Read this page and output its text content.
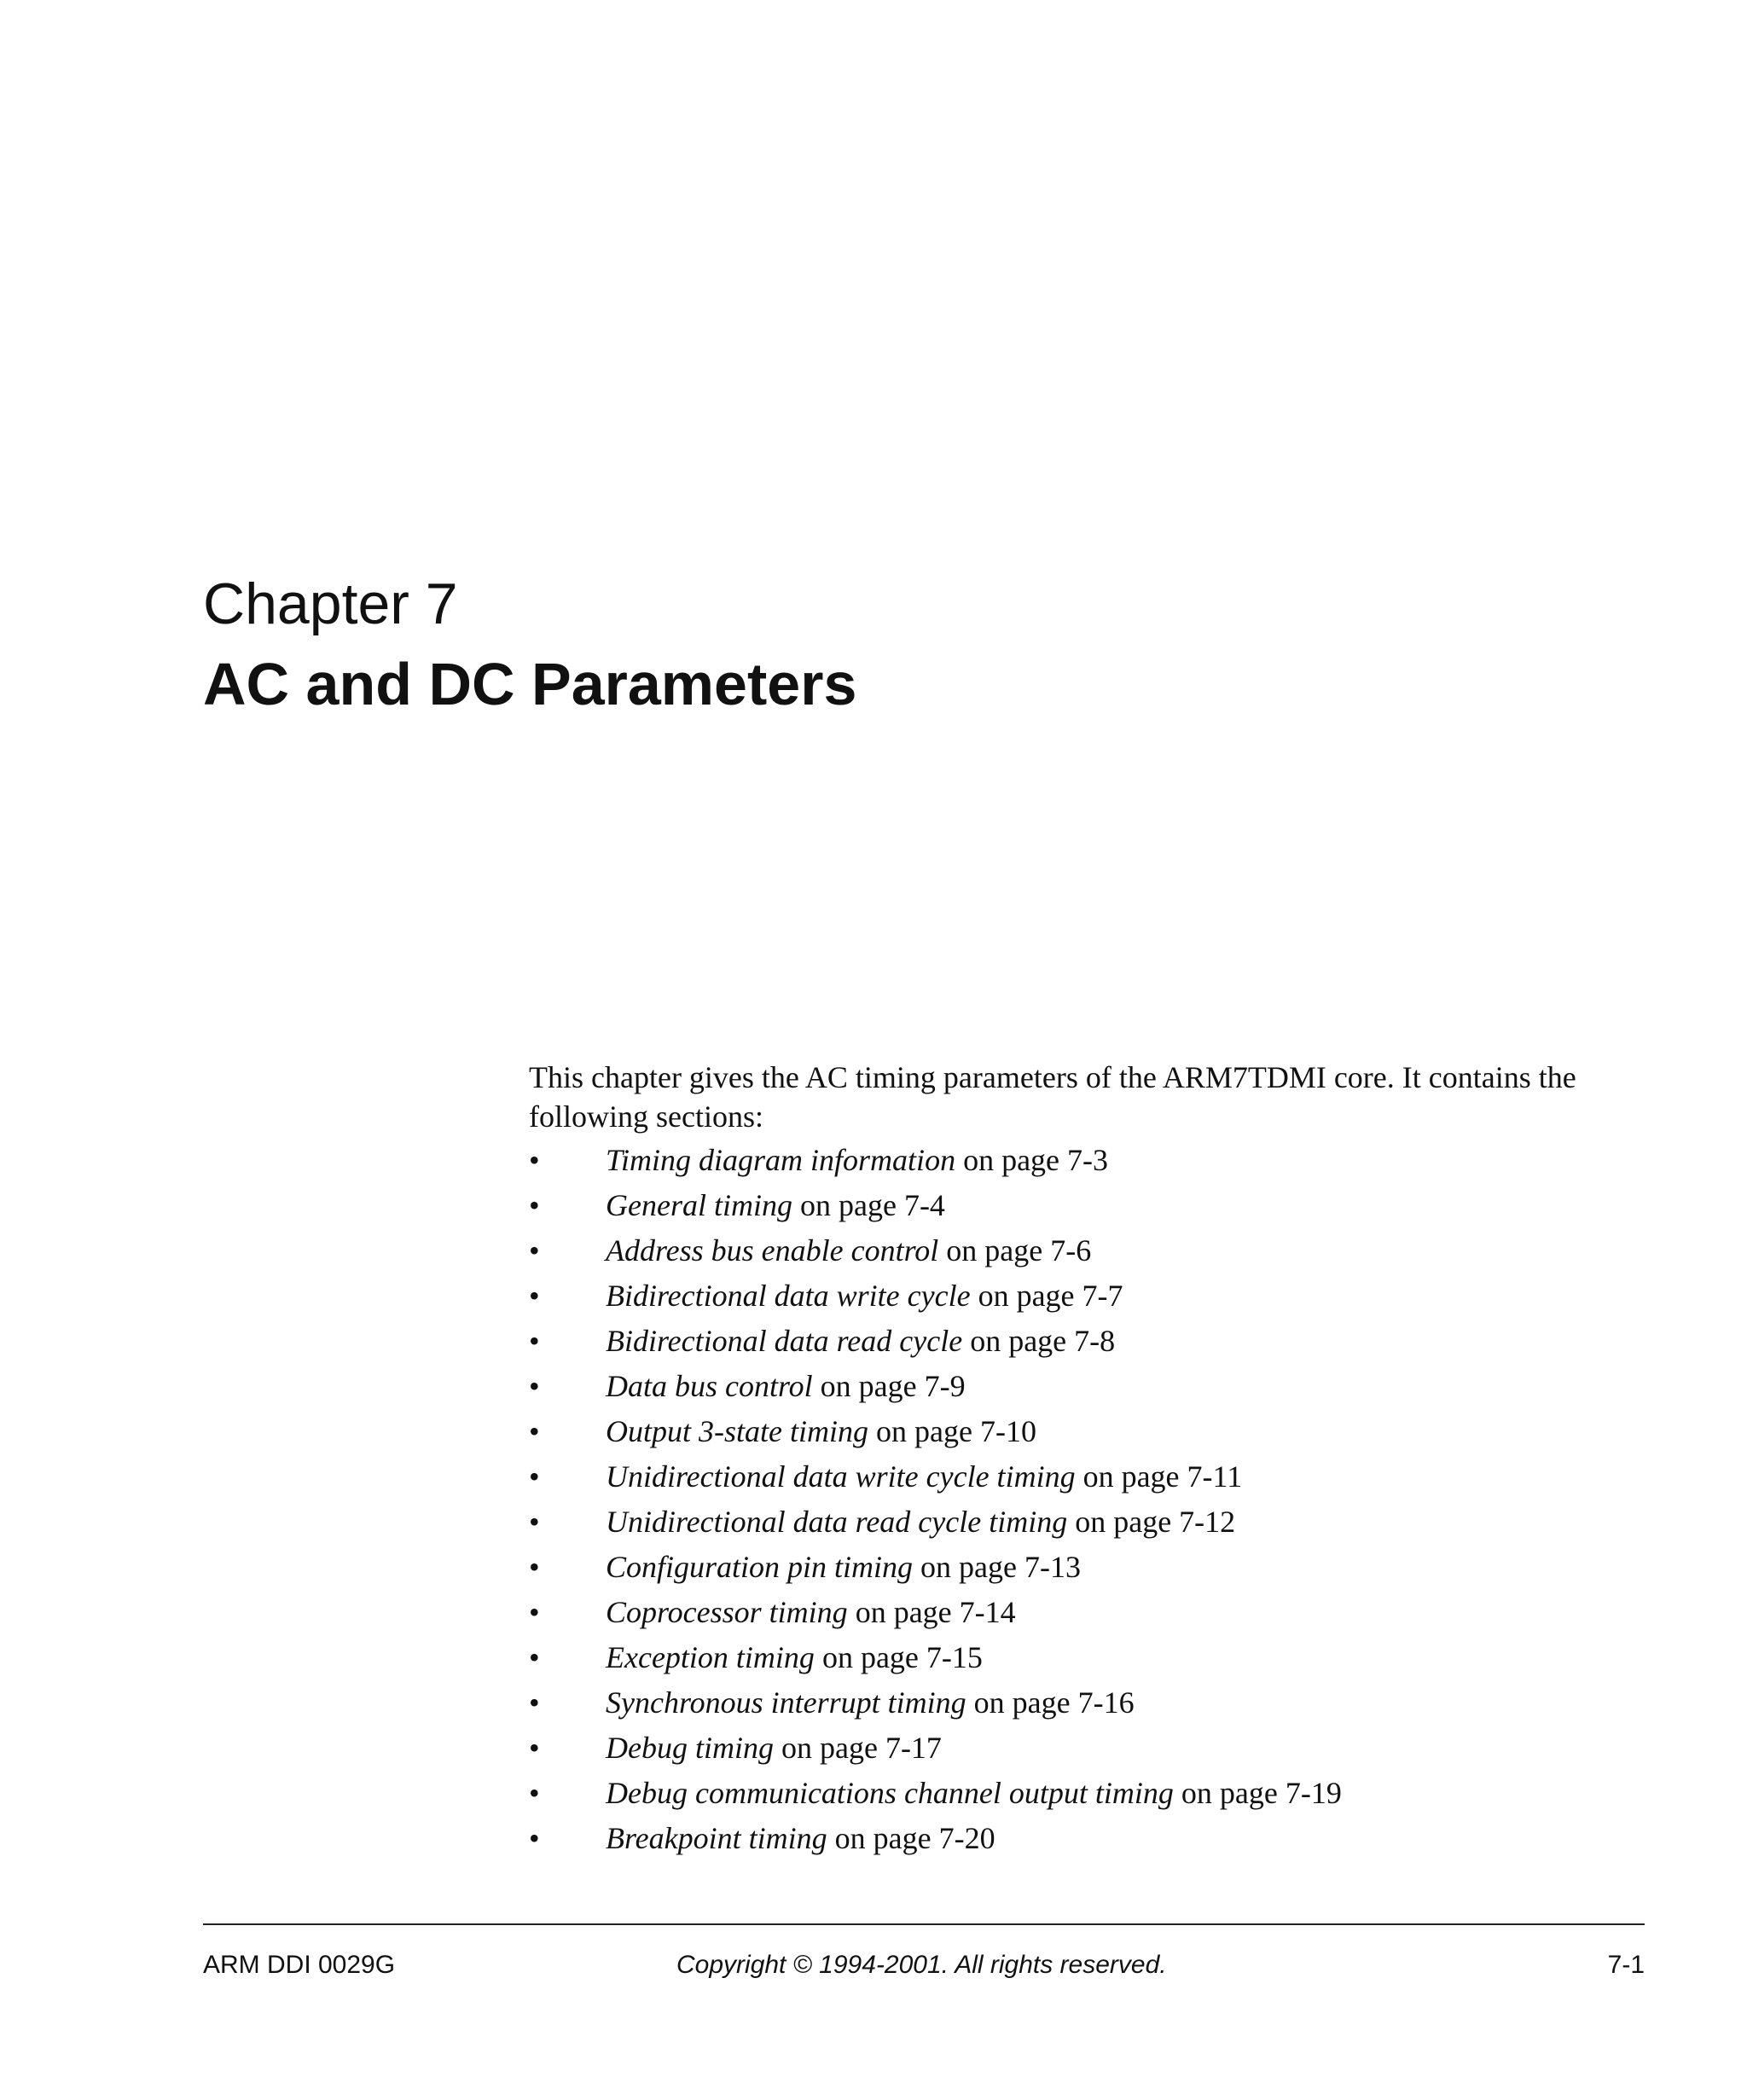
Chapter 7
AC and DC Parameters
This chapter gives the AC timing parameters of the ARM7TDMI core. It contains the following sections:
• Timing diagram information on page 7-3
• General timing on page 7-4
• Address bus enable control on page 7-6
• Bidirectional data write cycle on page 7-7
• Bidirectional data read cycle on page 7-8
• Data bus control on page 7-9
• Output 3-state timing on page 7-10
• Unidirectional data write cycle timing on page 7-11
• Unidirectional data read cycle timing on page 7-12
• Configuration pin timing on page 7-13
• Coprocessor timing on page 7-14
• Exception timing on page 7-15
• Synchronous interrupt timing on page 7-16
• Debug timing on page 7-17
• Debug communications channel output timing on page 7-19
• Breakpoint timing on page 7-20
ARM DDI 0029G	Copyright © 1994-2001. All rights reserved.	7-1
